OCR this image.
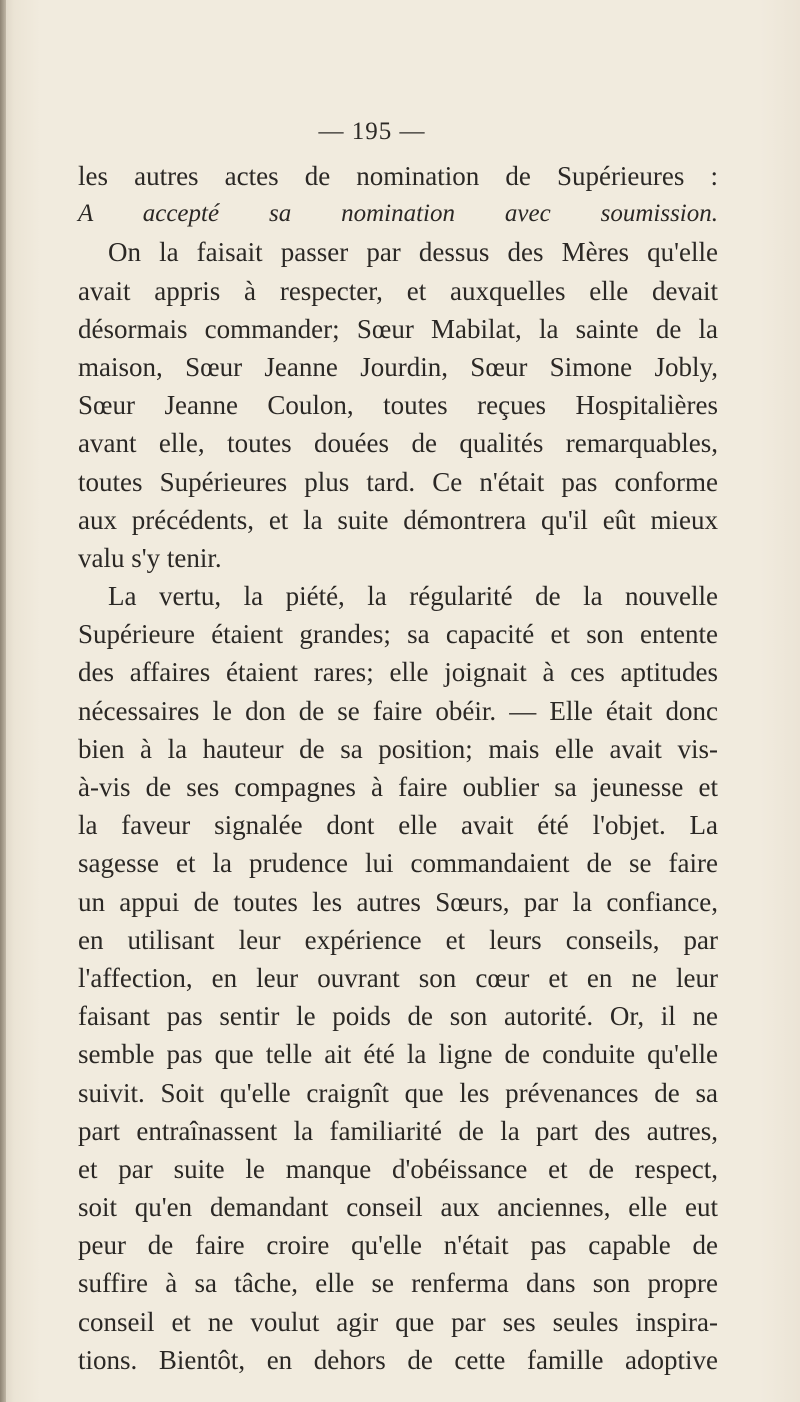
— 195 —
les autres actes de nomination de Supérieures :
A accepté sa nomination avec soumission.
On la faisait passer par dessus des Mères qu'elle
avait appris à respecter, et auxquelles elle devait
désormais commander; Sœur Mabilat, la sainte de la
maison, Sœur Jeanne Jourdin, Sœur Simone Jobly,
Sœur Jeanne Coulon, toutes reçues Hospitalières
avant elle, toutes douées de qualités remarquables,
toutes Supérieures plus tard. Ce n'était pas conforme
aux précédents, et la suite démontrera qu'il eût mieux
valu s'y tenir.
La vertu, la piété, la régularité de la nouvelle
Supérieure étaient grandes; sa capacité et son entente
des affaires étaient rares; elle joignait à ces aptitudes
nécessaires le don de se faire obéir. — Elle était donc
bien à la hauteur de sa position; mais elle avait vis-
à-vis de ses compagnes à faire oublier sa jeunesse et
la faveur signalée dont elle avait été l'objet. La
sagesse et la prudence lui commandaient de se faire
un appui de toutes les autres Sœurs, par la confiance,
en utilisant leur expérience et leurs conseils, par
l'affection, en leur ouvrant son cœur et en ne leur
faisant pas sentir le poids de son autorité. Or, il ne
semble pas que telle ait été la ligne de conduite qu'elle
suivit. Soit qu'elle craignît que les prévenances de sa
part entraînassent la familiarité de la part des autres,
et par suite le manque d'obéissance et de respect,
soit qu'en demandant conseil aux anciennes, elle eut
peur de faire croire qu'elle n'était pas capable de
suffire à sa tâche, elle se renferma dans son propre
conseil et ne voulut agir que par ses seules inspira-
tions. Bientôt, en dehors de cette famille adoptive
